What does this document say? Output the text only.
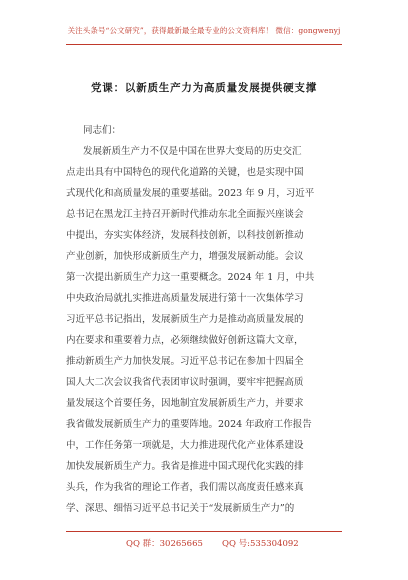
关注头条号“公文研究”，获得最新最全最专业的公文资料库！ 微信：gongwenyj
党课：以新质生产力为高质量发展提供硬支撑
同志们：
发展新质生产力不仅是中国在世界大变局的历史交汇
点走出具有中国特色的现代化道路的关键，也是实现中国
式现代化和高质量发展的重要基础。2023 年 9 月，习近平
总书记在黑龙江主持召开新时代推动东北全面振兴座谈会
中提出，夯实实体经济，发展科技创新，以科技创新推动
产业创新，加快形成新质生产力，增强发展新动能。会议
第一次提出新质生产力这一重要概念。2024 年 1 月，中共
中央政治局就扎实推进高质量发展进行第十一次集体学习
习近平总书记指出，发展新质生产力是推动高质量发展的
内在要求和重要着力点，必须继续做好创新这篇大文章，
推动新质生产力加快发展。习近平总书记在参加十四届全
国人大二次会议我省代表团审议时强调，要牢牢把握高质
量发展这个首要任务，因地制宜发展新质生产力，并要求
我省做发展新质生产力的重要阵地。2024 年政府工作报告
中，工作任务第一项就是，大力推进现代化产业体系建设
加快发展新质生产力。我省是推进中国式现代化实践的排
头兵，作为我省的理论工作者，我们需以高度责任感来真
学、深思、细悟习近平总书记关于“发展新质生产力”的
QQ 群：30265665 QQ 号:535304092
